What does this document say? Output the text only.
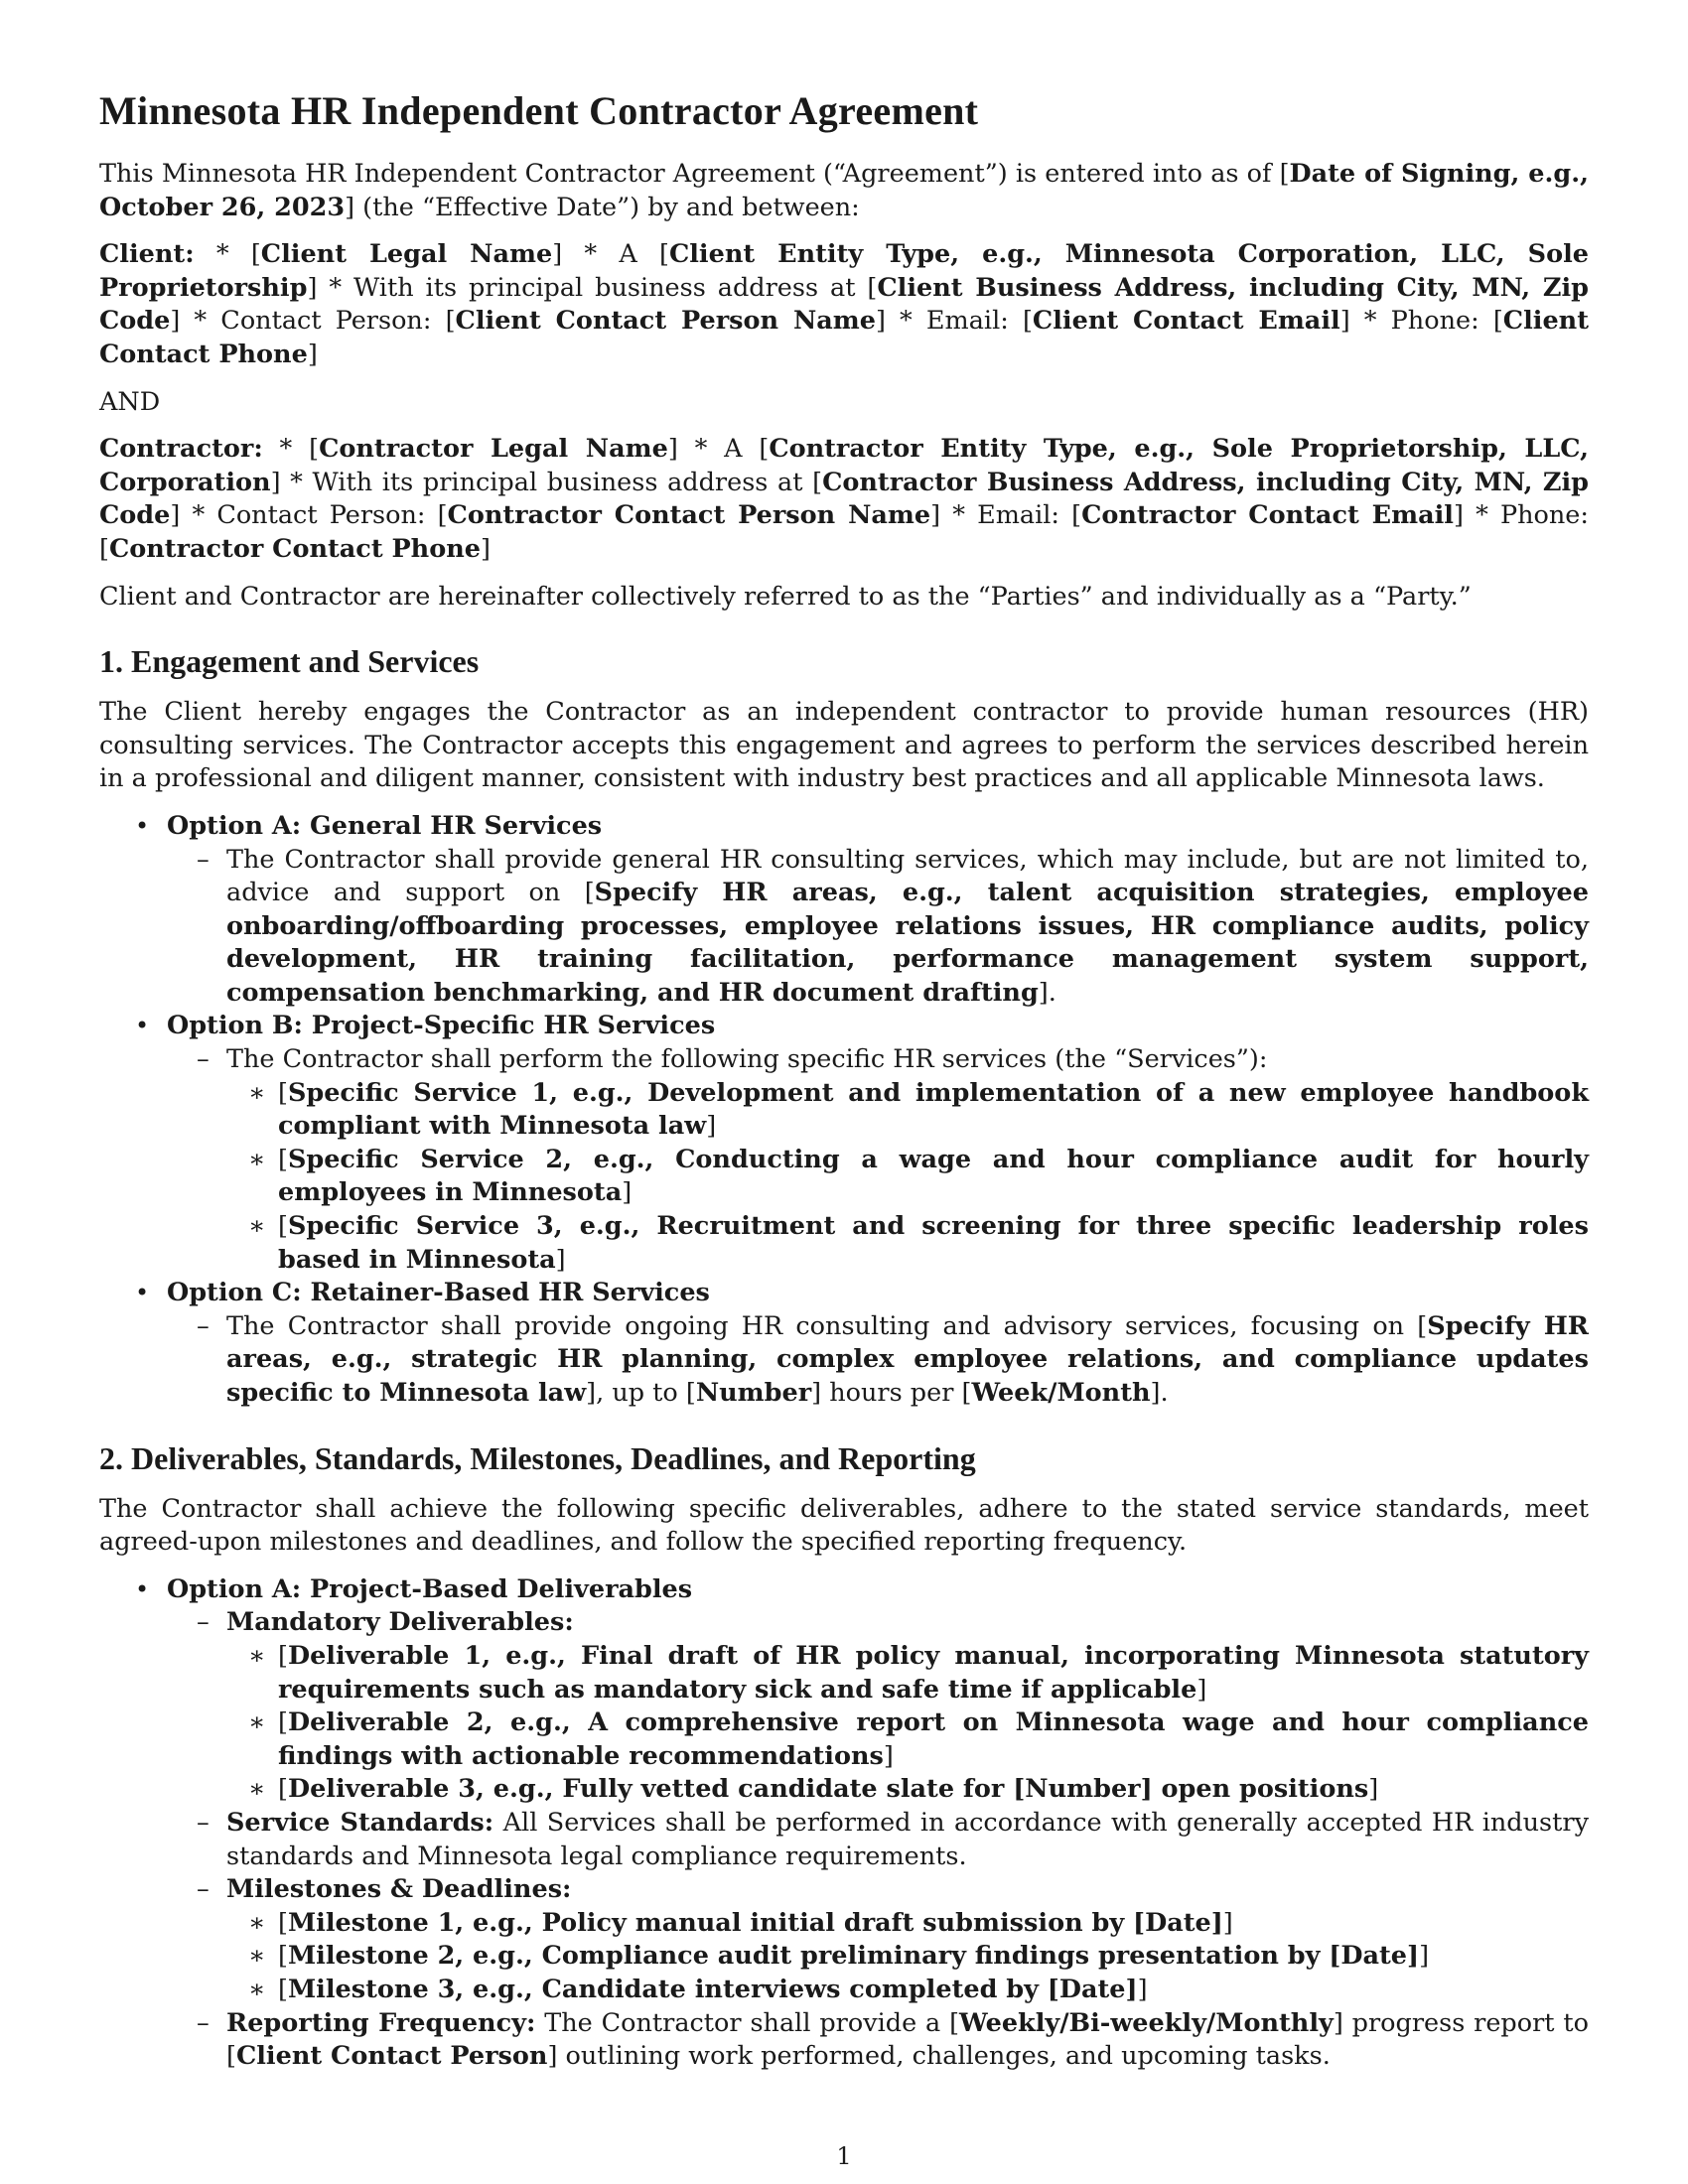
Minnesota HR Independent Contractor Agreement

This Minnesota HR Independent Contractor Agreement (“Agreement”) is entered into as of [Date of Signing, e.g., October 26, 2023] (the “Effective Date”) by and between:

Client: * [Client Legal Name] * A [Client Entity Type, e.g., Minnesota Corporation, LLC, Sole Proprietorship] * With its principal business address at [Client Business Address, including City, MN, Zip Code] * Contact Person: [Client Contact Person Name] * Email: [Client Contact Email] * Phone: [Client Contact Phone]

AND

Contractor: * [Contractor Legal Name] * A [Contractor Entity Type, e.g., Sole Proprietorship, LLC, Corporation] * With its principal business address at [Contractor Business Address, including City, MN, Zip Code] * Contact Person: [Contractor Contact Person Name] * Email: [Contractor Contact Email] * Phone: [Contractor Contact Phone]

Client and Contractor are hereinafter collectively referred to as the “Parties” and individually as a “Party.”

1. Engagement and Services

The Client hereby engages the Contractor as an independent contractor to provide human resources (HR) consulting services. The Contractor accepts this engagement and agrees to perform the services described herein in a professional and diligent manner, consistent with industry best practices and all applicable Minnesota laws.

• Option A: General HR Services
– The Contractor shall provide general HR consulting services, which may include, but are not limited to, advice and support on [Specify HR areas, e.g., talent acquisition strategies, employee onboarding/offboarding processes, employee relations issues, HR compliance audits, policy development, HR training facilitation, performance management system support, compensation benchmarking, and HR document drafting].
• Option B: Project-Specific HR Services
– The Contractor shall perform the following specific HR services (the “Services”):
∗ [Specific Service 1, e.g., Development and implementation of a new employee handbook compliant with Minnesota law]
∗ [Specific Service 2, e.g., Conducting a wage and hour compliance audit for hourly employees in Minnesota]
∗ [Specific Service 3, e.g., Recruitment and screening for three specific leadership roles based in Minnesota]
• Option C: Retainer-Based HR Services
– The Contractor shall provide ongoing HR consulting and advisory services, focusing on [Specify HR areas, e.g., strategic HR planning, complex employee relations, and compliance updates specific to Minnesota law], up to [Number] hours per [Week/Month].
2. Deliverables, Standards, Milestones, Deadlines, and Reporting

The Contractor shall achieve the following specific deliverables, adhere to the stated service standards, meet agreed-upon milestones and deadlines, and follow the specified reporting frequency.

• Option A: Project-Based Deliverables
– Mandatory Deliverables:
∗ [Deliverable 1, e.g., Final draft of HR policy manual, incorporating Minnesota statutory requirements such as mandatory sick and safe time if applicable]
∗ [Deliverable 2, e.g., A comprehensive report on Minnesota wage and hour compliance findings with actionable recommendations]
∗ [Deliverable 3, e.g., Fully vetted candidate slate for [Number] open positions]
– Service Standards: All Services shall be performed in accordance with generally accepted HR industry standards and Minnesota legal compliance requirements.
– Milestones & Deadlines:
∗ [Milestone 1, e.g., Policy manual initial draft submission by [Date]]
∗ [Milestone 2, e.g., Compliance audit preliminary findings presentation by [Date]]
∗ [Milestone 3, e.g., Candidate interviews completed by [Date]]
– Reporting Frequency: The Contractor shall provide a [Weekly/Bi-weekly/Monthly] progress report to [Client Contact Person] outlining work performed, challenges, and upcoming tasks.
1
